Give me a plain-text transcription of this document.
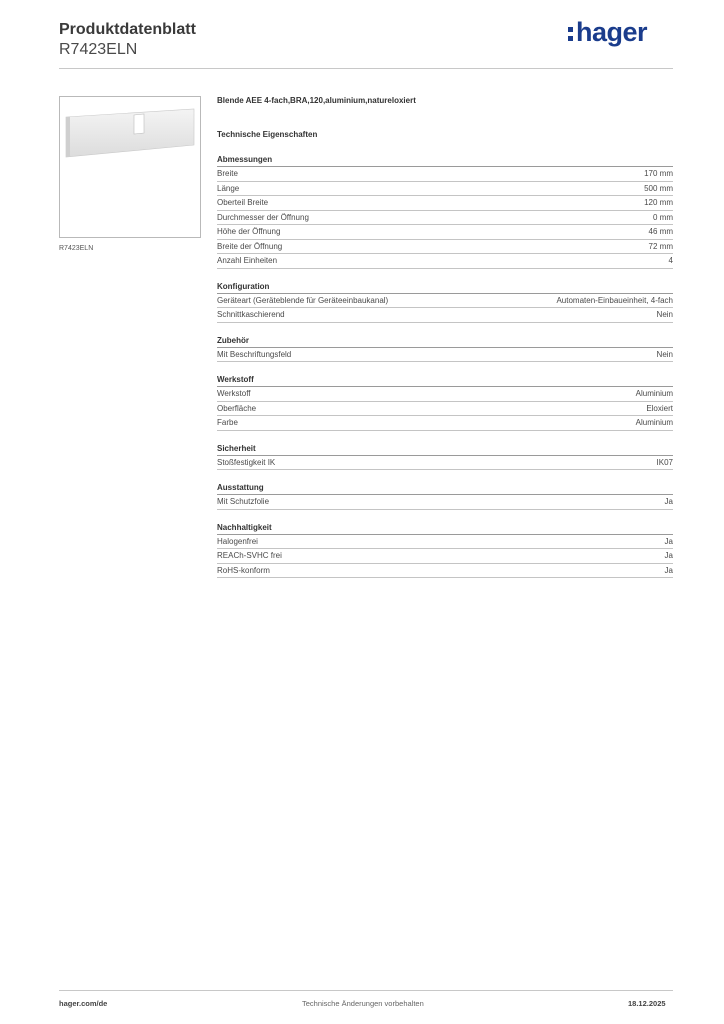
Produktdatenblatt
R7423ELN
hager
R7423ELN
Blende AEE 4-fach,BRA,120,aluminium,natureloxiert
Technische Eigenschaften
Abmessungen
Breite	170 mm
Länge	500 mm
Oberteil Breite	120 mm
Durchmesser der Öffnung	0 mm
Höhe der Öffnung	46 mm
Breite der Öffnung	72 mm
Anzahl Einheiten	4
Konfiguration
Geräteart (Geräteblende für Geräteeinbaukanal)	Automaten-Einbaueinheit, 4-fach
Schnittkaschierend	Nein
Zubehör
Mit Beschriftungsfeld	Nein
Werkstoff
Werkstoff	Aluminium
Oberfläche	Eloxiert
Farbe	Aluminium
Sicherheit
Stoßfestigkeit IK	IK07
Ausstattung
Mit Schutzfolie	Ja
Nachhaltigkeit
Halogenfrei	Ja
REACh-SVHC frei	Ja
RoHS-konform	Ja
hager.com/de	Technische Änderungen vorbehalten	18.12.2025
